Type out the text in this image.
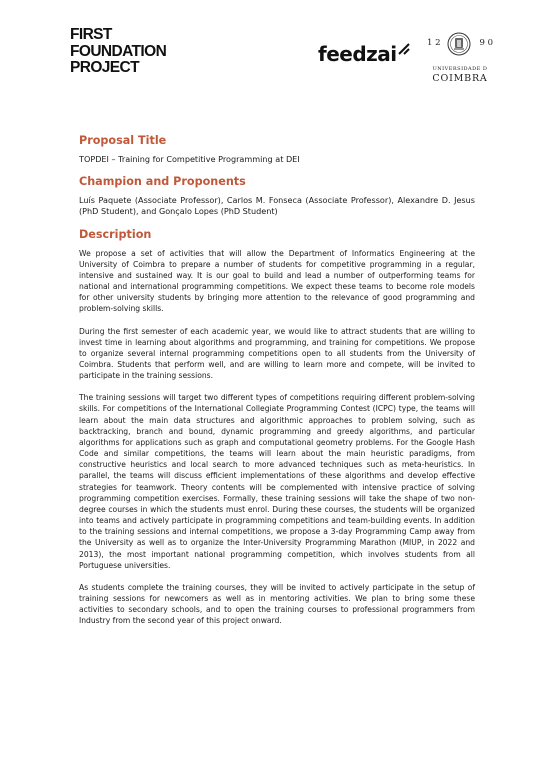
FIRST
FOUNDATION
PROJECT
feedzai	1 2	9 0
UNIVERSIDADE D
COIMBRA
Proposal Title

TOPDEI – Training for Competitive Programming at DEI

Champion and Proponents

Luís Paquete (Associate Professor), Carlos M. Fonseca (Associate Professor), Alexandre D. Jesus (PhD Student), and Gonçalo Lopes (PhD Student)

Description

We propose a set of activities that will allow the Department of Informatics Engineering at the University of Coimbra to prepare a number of students for competitive programming in a regular, intensive and sustained way. It is our goal to build and lead a number of outperforming teams for national and international programming competitions. We expect these teams to become role models for other university students by bringing more attention to the relevance of good programming and problem-solving skills.

During the first semester of each academic year, we would like to attract students that are willing to invest time in learning about algorithms and programming, and training for competitions. We propose to organize several internal programming competitions open to all students from the University of Coimbra. Students that perform well, and are willing to learn more and compete, will be invited to participate in the training sessions.

The training sessions will target two different types of competitions requiring different problem-solving skills. For competitions of the International Collegiate Programming Contest (ICPC) type, the teams will learn about the main data structures and algorithmic approaches to problem solving, such as backtracking, branch and bound, dynamic programming and greedy algorithms, and particular algorithms for applications such as graph and computational geometry problems. For the Google Hash Code and similar competitions, the teams will learn about the main heuristic paradigms, from constructive heuristics and local search to more advanced techniques such as meta-heuristics. In parallel, the teams will discuss efficient implementations of these algorithms and develop effective strategies for teamwork. Theory contents will be complemented with intensive practice of solving programming competition exercises. Formally, these training sessions will take the shape of two non-degree courses in which the students must enrol. During these courses, the students will be organized into teams and actively participate in programming competitions and team-building events. In addition to the training sessions and internal competitions, we propose a 3-day Programming Camp away from the University as well as to organize the Inter-University Programming Marathon (MIUP, in 2022 and 2013), the most important national programming competition, which involves students from all Portuguese universities.

As students complete the training courses, they will be invited to actively participate in the setup of training sessions for newcomers as well as in mentoring activities. We plan to bring some these activities to secondary schools, and to open the training courses to professional programmers from Industry from the second year of this project onward.
